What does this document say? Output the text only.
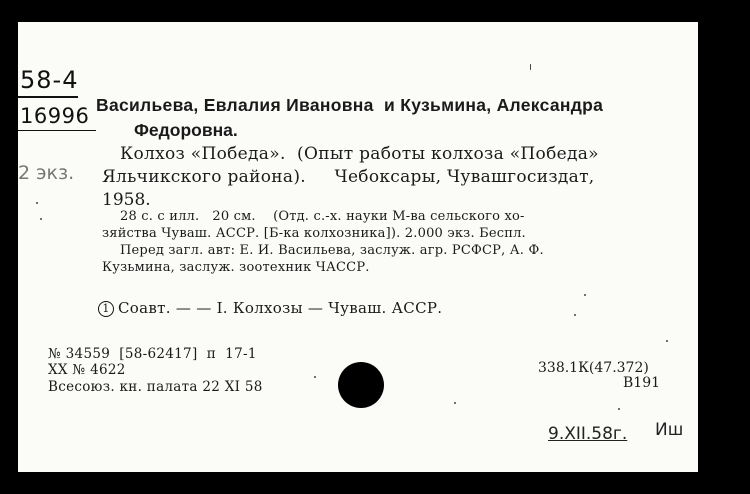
58-4
16996
2 экз.
Васильева, Евлалия Ивановна  и Кузьмина, Александра
Федоровна.
Колхоз «Победа».  (Опыт работы колхоза «Победа»
Яльчикского района).     Чебоксары, Чувашгосиздат,
1958.
28 с. с илл.   20 см.    (Отд. с.-х. науки М-ва сельского хо-
зяйства Чуваш. АССР. [Б-ка колхозника]). 2.000 экз. Беспл.
Перед загл. авт: Е. И. Васильева, заслуж. агр. РСФСР, А. Ф.
Кузьмина, заслуж. зоотехник ЧАССР.
1 Соавт. — — I. Колхозы — Чуваш. АССР.
№ 34559  [58-62417]  п  17-1
XX № 4622
Всесоюз. кн. палата 22 XI 58
338.1К(47.372)
В191
9.XII.58г. Иш
